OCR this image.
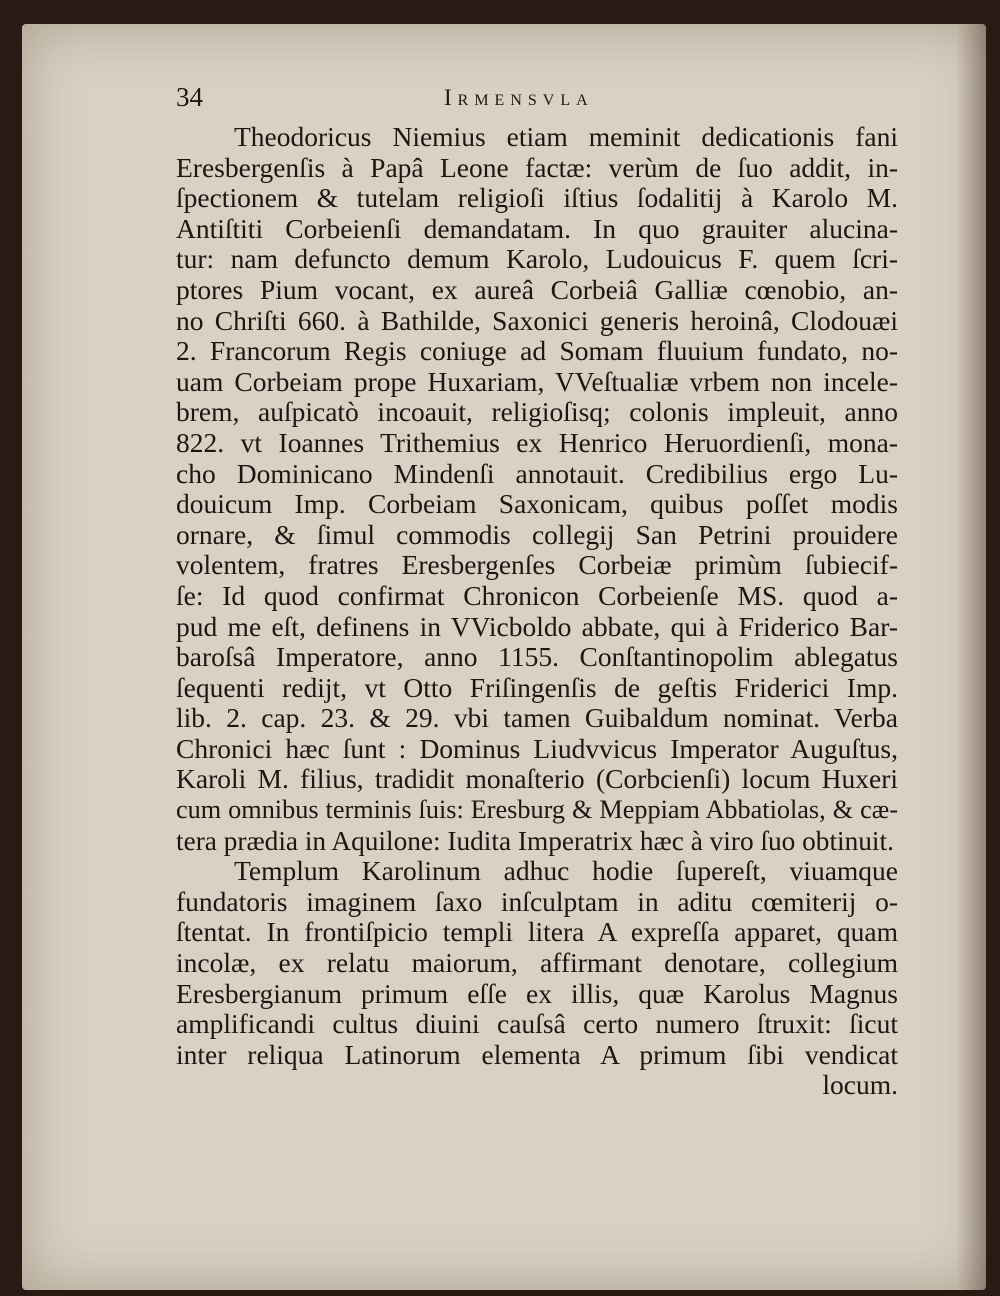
34	Irmensvla
Theodoricus Niemius etiam meminit dedicationis fani
Eresbergenſis à Papâ Leone factæ: verùm de ſuo addit, in-
ſpectionem & tutelam religioſi iſtius ſodalitij à Karolo M.
Antiſtiti Corbeienſi demandatam. In quo grauiter alucina-
tur: nam defuncto demum Karolo, Ludouicus F. quem ſcri-
ptores Pium vocant, ex aureâ Corbeiâ Galliæ cœnobio, an-
no Chriſti 660. à Bathilde, Saxonici generis heroinâ, Clodouæi
2. Francorum Regis coniuge ad Somam fluuium fundato, no-
uam Corbeiam prope Huxariam, VVeſtualiæ vrbem non incele-
brem, auſpicatò incoauit, religioſisq; colonis impleuit, anno
822. vt Ioannes Trithemius ex Henrico Heruordienſi, mona-
cho Dominicano Mindenſi annotauit. Credibilius ergo Lu-
douicum Imp. Corbeiam Saxonicam, quibus poſſet modis
ornare, & ſimul commodis collegij San Petrini prouidere
volentem, fratres Eresbergenſes Corbeiæ primùm ſubiecif-
ſe: Id quod confirmat Chronicon Corbeienſe MS. quod a-
pud me eſt, definens in VVicboldo abbate, qui à Friderico Bar-
baroſsâ Imperatore, anno 1155. Conſtantinopolim ablegatus
ſequenti redijt, vt Otto Friſingenſis de geſtis Friderici Imp.
lib. 2. cap. 23. & 29. vbi tamen Guibaldum nominat. Verba
Chronici hæc ſunt : Dominus Liudvvicus Imperator Auguſtus,
Karoli M. filius, tradidit monaſterio (Corbcienſi) locum Huxeri
cum omnibus terminis ſuis: Eresburg & Meppiam Abbatiolas, & cæ-
tera prædia in Aquilone: Iudita Imperatrix hæc à viro ſuo obtinuit.
Templum Karolinum adhuc hodie ſupereſt, viuamque
fundatoris imaginem ſaxo inſculptam in aditu cœmiterij o-
ſtentat. In frontiſpicio templi litera A expreſſa apparet, quam
incolæ, ex relatu maiorum, affirmant denotare, collegium
Eresbergianum primum eſſe ex illis, quæ Karolus Magnus
amplificandi cultus diuini cauſsâ certo numero ſtruxit: ſicut
inter reliqua Latinorum elementa A primum ſibi vendicat
locum.
